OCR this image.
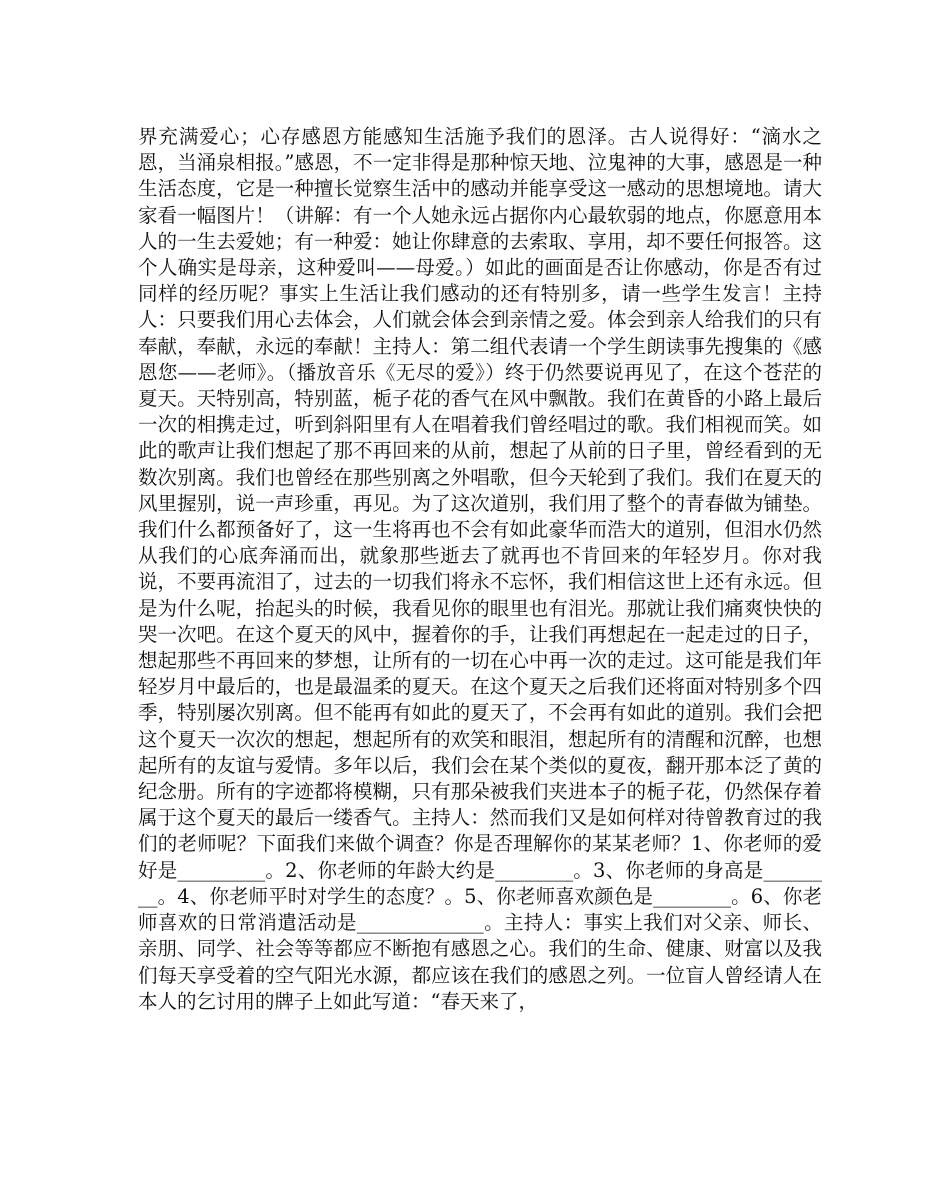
界充满爱心；心存感恩方能感知生活施予我们的恩泽。古人说得好：“滴水之恩，当涌泉相报。”感恩，不一定非得是那种惊天地、泣鬼神的大事，感恩是一种生活态度，它是一种擅长觉察生活中的感动并能享受这一感动的思想境地。请大家看一幅图片！（讲解：有一个人她永远占据你内心最软弱的地点，你愿意用本人的一生去爱她；有一种爱：她让你肆意的去索取、享用，却不要任何报答。这个人确实是母亲，这种爱叫——母爱。）如此的画面是否让你感动，你是否有过同样的经历呢？事实上生活让我们感动的还有特别多，请一些学生发言！主持人：只要我们用心去体会，人们就会体会到亲情之爱。体会到亲人给我们的只有奉献，奉献，永远的奉献！主持人：第二组代表请一个学生朗读事先搜集的《感恩您——老师》。（播放音乐《无尽的爱》）终于仍然要说再见了，在这个苍茫的夏天。天特别高，特别蓝，栀子花的香气在风中飘散。我们在黄昏的小路上最后一次的相携走过，听到斜阳里有人在唱着我们曾经唱过的歌。我们相视而笑。如此的歌声让我们想起了那不再回来的从前，想起了从前的日子里，曾经看到的无数次别离。我们也曾经在那些别离之外唱歌，但今天轮到了我们。我们在夏天的风里握别，说一声珍重，再见。为了这次道别，我们用了整个的青春做为铺垫。我们什么都预备好了，这一生将再也不会有如此豪华而浩大的道别，但泪水仍然从我们的心底奔涌而出，就象那些逝去了就再也不肯回来的年轻岁月。你对我说，不要再流泪了，过去的一切我们将永不忘怀，我们相信这世上还有永远。但是为什么呢，抬起头的时候，我看见你的眼里也有泪光。那就让我们痛爽快快的哭一次吧。在这个夏天的风中，握着你的手，让我们再想起在一起走过的日子，想起那些不再回来的梦想，让所有的一切在心中再一次的走过。这可能是我们年轻岁月中最后的，也是最温柔的夏天。在这个夏天之后我们还将面对特别多个四季，特别屡次别离。但不能再有如此的夏天了，不会再有如此的道别。我们会把这个夏天一次次的想起，想起所有的欢笑和眼泪，想起所有的清醒和沉醉，也想起所有的友谊与爱情。多年以后，我们会在某个类似的夏夜，翻开那本泛了黄的纪念册。所有的字迹都将模糊，只有那朵被我们夹进本子的栀子花，仍然保存着属于这个夏天的最后一缕香气。主持人：然而我们又是如何样对待曾教育过的我们的老师呢？下面我们来做个调查？你是否理解你的某某老师？1、你老师的爱好是_________。2、你老师的年龄大约是________。3、你老师的身高是________。4、你老师平时对学生的态度？。5、你老师喜欢颜色是________。6、你老师喜欢的日常消遣活动是_____________。主持人：事实上我们对父亲、师长、亲朋、同学、社会等等都应不断抱有感恩之心。我们的生命、健康、财富以及我们每天享受着的空气阳光水源，都应该在我们的感恩之列。一位盲人曾经请人在本人的乞讨用的牌子上如此写道：“春天来了，
